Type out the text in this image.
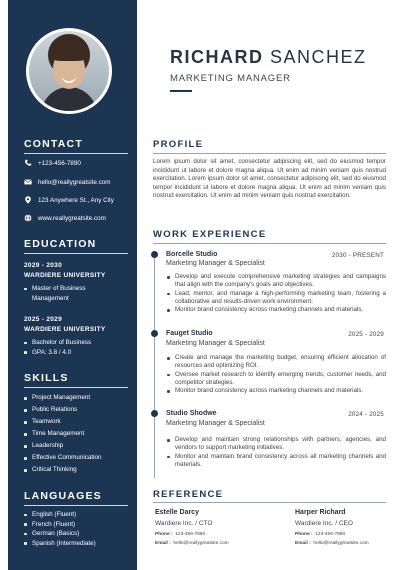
CONTACT
+123-456-7890
hello@reallygreatsite.com
123 Anywhere St., Any City
www.reallygreatsite.com
EDUCATION
2029 - 2030
WARDIERE UNIVERSITY
Master of Business Management
2025 - 2029
WARDIERE UNIVERSITY
Bachelor of Business
GPA: 3.8 / 4.0
SKILLS
Project Management
Public Relations
Teamwork
Time Management
Leadership
Effective Communication
Critical Thinking
LANGUAGES
English (Fluent)
French (Fluent)
German (Basics)
Spanish (Intermediate)
RICHARD SANCHEZ
MARKETING MANAGER
PROFILE
Lorem ipsum dolor sit amet, consectetur adipiscing elit, sed do eiusmod tempor incididunt ut labore et dolore magna aliqua. Ut enim ad minim veniam quis nostrud exercitation. Lorem ipsum dolor sit amet, consectetur adipiscing elit, sed do eiusmod tempor incididunt ut labore et dolore magna aliqua. Ut enim ad minim veniam quis nostrud exercitation. Ut enim ad minim veniam quis nostrud exercitation.
WORK EXPERIENCE
Borcelle Studio	2030 - PRESENT
Marketing Manager & Specialist
Develop and execute comprehensive marketing strategies and campaigns that align with the company's goals and objectives.
Lead, mentor, and manage a high-performing marketing team, fostering a collaborative and results-driven work environment.
Monitor brand consistency across marketing channels and materials.
Fauget Studio	2025 - 2029
Marketing Manager & Specialist
Create and manage the marketing budget, ensuring efficient allocation of resources and optimizing ROI.
Oversee market research to identify emerging trends, customer needs, and competitor strategies.
Monitor brand consistency across marketing channels and materials.
Studio Shodwe	2024 - 2025
Marketing Manager & Specialist
Develop and maintain strong relationships with partners, agencies, and vendors to support marketing initiatives.
Monitor and maintain brand consistency across all marketing channels and materials.
REFERENCE
Estelle Darcy
Wardiere Inc. / CTO
Phone : 123-456-7890
Email : hello@reallygreatsite.com
Harper Richard
Wardiere Inc. / CEO
Phone : 123-456-7890
Email : hello@reallygreatsite.com
